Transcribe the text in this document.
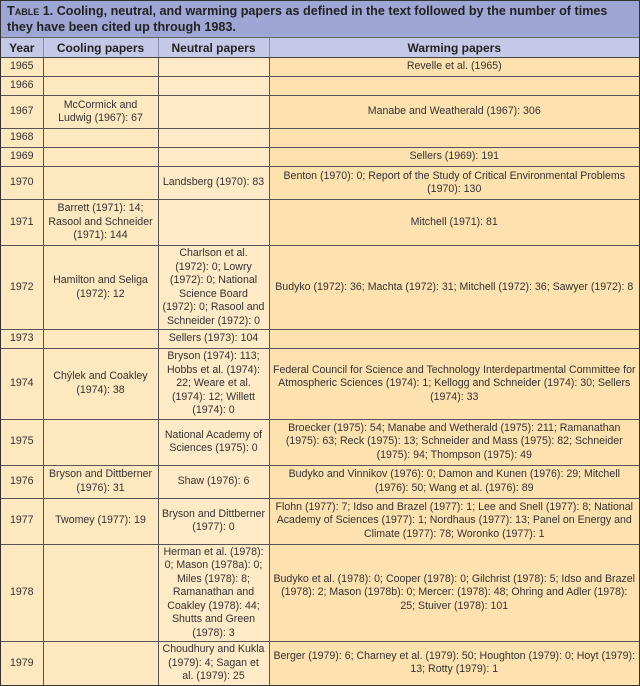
Table 1. Cooling, neutral, and warming papers as defined in the text followed by the number of times they have been cited up through 1983.
Year	Cooling papers	Neutral papers	Warming papers
1965			Revelle et al. (1965)
1966			
1967	McCormick and Ludwig (1967): 67		Manabe and Weatherald (1967): 306
1968			
1969			Sellers (1969): 191
1970		Landsberg (1970): 83	Benton (1970): 0; Report of the Study of Critical Environmental Problems (1970): 130
1971	Barrett (1971): 14; Rasool and Schneider (1971): 144		Mitchell (1971): 81
1972	Hamilton and Seliga (1972): 12	Charlson et al. (1972): 0; Lowry (1972): 0; National Science Board (1972): 0; Rasool and Schneider (1972): 0	Budyko (1972): 36; Machta (1972): 31; Mitchell (1972): 36; Sawyer (1972): 8
1973		Sellers (1973): 104	
1974	Chýlek and Coakley (1974): 38	Bryson (1974): 113; Hobbs et al. (1974): 22; Weare et al. (1974): 12; Willett (1974): 0	Federal Council for Science and Technology Interdepartmental Committee for Atmospheric Sciences (1974): 1; Kellogg and Schneider (1974): 30; Sellers (1974): 33
1975		National Academy of Sciences (1975): 0	Broecker (1975): 54; Manabe and Wetherald (1975): 211; Ramanathan (1975): 63; Reck (1975): 13; Schneider and Mass (1975): 82; Schneider (1975): 94; Thompson (1975): 49
1976	Bryson and Dittberner (1976): 31	Shaw (1976): 6	Budyko and Vinnikov (1976): 0; Damon and Kunen (1976): 29; Mitchell (1976): 50; Wang et al. (1976): 89
1977	Twomey (1977): 19	Bryson and Dittberner (1977): 0	Flohn (1977): 7; Idso and Brazel (1977): 1; Lee and Snell (1977): 8; National Academy of Sciences (1977): 1; Nordhaus (1977): 13; Panel on Energy and Climate (1977): 78; Woronko (1977): 1
1978		Herman et al. (1978): 0; Mason (1978a): 0; Miles (1978): 8; Ramanathan and Coakley (1978): 44; Shutts and Green (1978): 3	Budyko et al. (1978): 0; Cooper (1978): 0; Gilchrist (1978): 5; Idso and Brazel (1978): 2; Mason (1978b): 0; Mercer: (1978): 48; Ohring and Adler (1978): 25; Stuiver (1978): 101
1979		Choudhury and Kukla (1979): 4; Sagan et al. (1979): 25	Berger (1979): 6; Charney et al. (1979): 50; Houghton (1979): 0; Hoyt (1979): 13; Rotty (1979): 1
